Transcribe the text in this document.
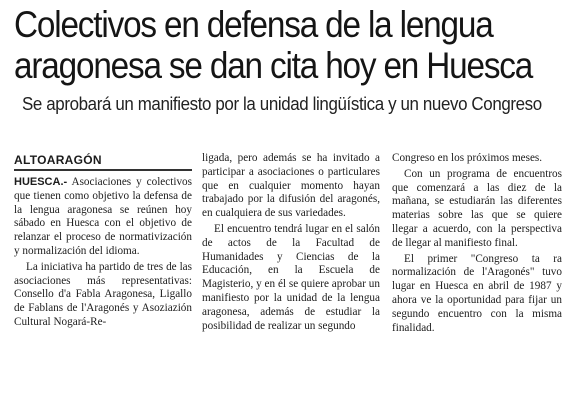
Colectivos en defensa de la lengua
aragonesa se dan cita hoy en Huesca
Se aprobará un manifiesto por la unidad lingüística y un nuevo Congreso
ALTOARAGÓN

HUESCA.- Asociaciones y colectivos que tienen como objetivo la defensa de la lengua aragonesa se reúnen hoy sábado en Huesca con el objetivo de relanzar el proceso de normativización y normalización del idioma.

La iniciativa ha partido de tres de las asociaciones más representativas: Consello d'a Fabla Aragonesa, Ligallo de Fablans de l'Aragonés y Asoziazión Cultural Nogará-Re-

ligada, pero además se ha invitado a participar a asociaciones o particulares que en cualquier momento hayan trabajado por la difusión del aragonés, en cualquiera de sus variedades.

El encuentro tendrá lugar en el salón de actos de la Facultad de Humanidades y Ciencias de la Educación, en la Escuela de Magisterio, y en él se quiere aprobar un manifiesto por la unidad de la lengua aragonesa, además de estudiar la posibilidad de realizar un segundo

Congreso en los próximos meses.

Con un programa de encuentros que comenzará a las diez de la mañana, se estudiarán las diferentes materias sobre las que se quiere llegar a acuerdo, con la perspectiva de llegar al manifiesto final.

El primer "Congreso ta ra normalización de l'Aragonés" tuvo lugar en Huesca en abril de 1987 y ahora ve la oportunidad para fijar un segundo encuentro con la misma finalidad.
